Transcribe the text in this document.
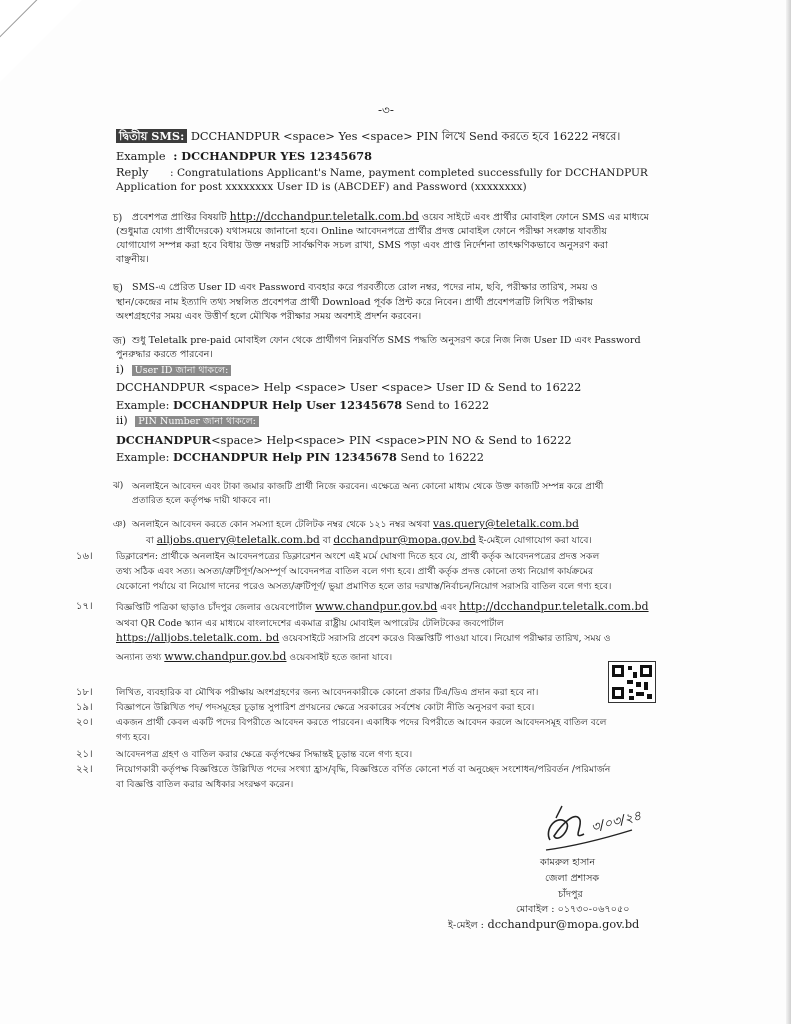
-৩-
দ্বিতীয় SMS: DCCHANDPUR <space> Yes <space> PIN লিখে Send করতে হবে 16222 নম্বরে।
Example : DCCHANDPUR YES 12345678
Reply : Congratulations Applicant's Name, payment completed successfully for DCCHANDPUR
Application for post xxxxxxxx User ID is (ABCDEF) and Password (xxxxxxxx)
চ) প্রবেশপত্র প্রাপ্তির বিষয়টি http://dcchandpur.teletalk.com.bd ওয়েব সাইটে এবং প্রার্থীর মোবাইল ফোনে SMS এর মাধ্যমে
(শুধুমাত্র যোগ্য প্রার্থীদেরকে) যথাসময়ে জানানো হবে। Online আবেদনপত্রে প্রার্থীর প্রদত্ত মোবাইল ফোনে পরীক্ষা সংক্রান্ত যাবতীয়
যোগাযোগ সম্পন্ন করা হবে বিধায় উক্ত নম্বরটি সার্বক্ষণিক সচল রাখা, SMS পড়া এবং প্রাপ্ত নির্দেশনা তাৎক্ষণিকভাবে অনুসরণ করা
বাঞ্ছনীয়।
ছ) SMS-এ প্রেরিত User ID এবং Password ব্যবহার করে পরবর্তীতে রোল নম্বর, পদের নাম, ছবি, পরীক্ষার তারিখ, সময় ও
স্থান/কেন্দ্রের নাম ইত্যাদি তথ্য সম্বলিত প্রবেশপত্র প্রার্থী Download পূর্বক প্রিন্ট করে নিবেন। প্রার্থী প্রবেশপত্রটি লিখিত পরীক্ষায়
অংশগ্রহণের সময় এবং উত্তীর্ণ হলে মৌখিক পরীক্ষার সময় অবশ্যই প্রদর্শন করবেন।
জ) শুধু Teletalk pre-paid মোবাইল ফোন থেকে প্রার্থীগণ নিম্নবর্ণিত SMS পদ্ধতি অনুসরণ করে নিজ নিজ User ID এবং Password
পুনরুদ্ধার করতে পারবেন।
i) User ID জানা থাকলে:
DCCHANDPUR <space> Help <space> User <space> User ID & Send to 16222
Example: DCCHANDPUR Help User 12345678 Send to 16222
ii) PIN Number জানা থাকলে:
DCCHANDPUR<space> Help<space> PIN <space>PIN NO & Send to 16222
Example: DCCHANDPUR Help PIN 12345678 Send to 16222
ঝ) অনলাইনে আবেদন এবং টাকা জমার কাজটি প্রার্থী নিজে করবেন। এক্ষেত্রে অন্য কোনো মাধ্যম থেকে উক্ত কাজটি সম্পন্ন করে প্রার্থী
প্রতারিত হলে কর্তৃপক্ষ দায়ী থাকবে না।
ঞ) অনলাইনে আবেদন করতে কোন সমস্যা হলে টেলিটক নম্বর থেকে ১২১ নম্বর অথবা vas.query@teletalk.com.bd
বা alljobs.query@teletalk.com.bd বা dcchandpur@mopa.gov.bd ই-মেইলে যোগাযোগ করা যাবে।
১৬।	ডিক্লারেশন: প্রার্থীকে অনলাইন আবেদনপত্রের ডিক্লারেশন অংশে এই মর্মে ঘোষণা দিতে হবে যে, প্রার্থী কর্তৃক আবেদনপত্রের প্রদত্ত সকল
তথ্য সঠিক এবং সত্য। অসত্য/ত্রুটিপূর্ণ/অসম্পূর্ণ আবেদনপত্র বাতিল বলে গণ্য হবে। প্রার্থী কর্তৃক প্রদত্ত কোনো তথ্য নিয়োগ কার্যক্রমের
যেকোনো পর্যায়ে বা নিয়োগ দানের পরেও অসত্য/ত্রুটিপূর্ণ/ ভুয়া প্রমাণিত হলে তার দরখাস্ত/নির্বাচন/নিয়োগ সরাসরি বাতিল বলে গণ্য হবে।
১৭।	বিজ্ঞপ্তিটি পত্রিকা ছাড়াও চাঁদপুর জেলার ওয়েবপোর্টাল www.chandpur.gov.bd এবং http://dcchandpur.teletalk.com.bd
অথবা QR Code স্ক্যান এর মাধ্যমে বাংলাদেশের একমাত্র রাষ্ট্রীয় মোবাইল অপারেটর টেলিটকের জবপোর্টাল
https://alljobs.teletalk.com. bd ওয়েবসাইটে সরাসরি প্রবেশ করেও বিজ্ঞপ্তিটি পাওয়া যাবে। নিয়োগ পরীক্ষার তারিখ, সময় ও
অন্যান্য তথ্য www.chandpur.gov.bd ওয়েবসাইট হতে জানা যাবে।
১৮।	লিখিত, ব্যবহারিক বা মৌখিক পরীক্ষায় অংশগ্রহণের জন্য আবেদনকারীকে কোনো প্রকার টিএ/ডিএ প্রদান করা হবে না।
১৯।	বিজ্ঞাপনে উল্লিখিত পদ/ পদসমূহের চূড়ান্ত সুপারিশ প্রণয়নের ক্ষেত্রে সরকারের সর্বশেষ কোটা নীতি অনুসরণ করা হবে।
২০।	একজন প্রার্থী কেবল একটি পদের বিপরীতে আবেদন করতে পারবেন। একাধিক পদের বিপরীতে আবেদন করলে আবেদনসমূহ বাতিল বলে
গণ্য হবে।
২১।	আবেদনপত্র গ্রহণ ও বাতিল করার ক্ষেত্রে কর্তৃপক্ষের সিদ্ধান্তই চূড়ান্ত বলে গণ্য হবে।
২২।	নিয়োগকারী কর্তৃপক্ষ বিজ্ঞপ্তিতে উল্লিখিত পদের সংখ্যা হ্রাস/বৃদ্ধি, বিজ্ঞপ্তিতে বর্ণিত কোনো শর্ত বা অনুচ্ছেদ সংশোধন/পরিবর্তন /পরিমার্জন
বা বিজ্ঞপ্তি বাতিল করার অধিকার সংরক্ষণ করেন।
৩/০৩/২৪
কামরুল হাসান
জেলা প্রশাসক
চাঁদপুর
মোবাইল : ০১৭৩০-০৬৭০৫০
ই-মেইল : dcchandpur@mopa.gov.bd
